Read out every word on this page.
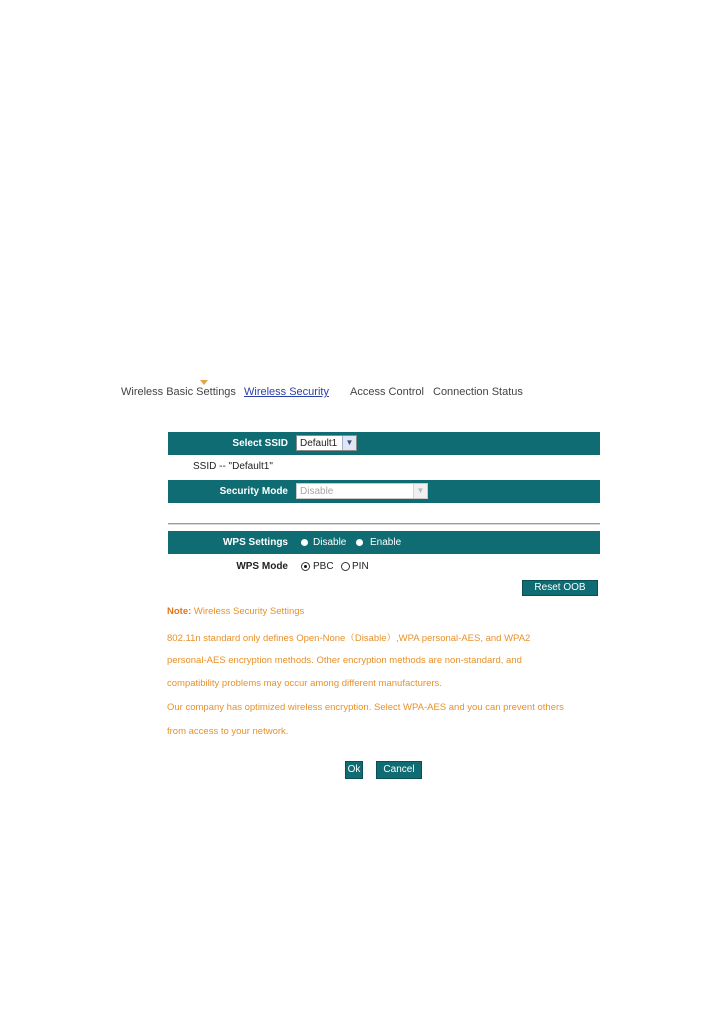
Wireless Basic Settings Wireless Security Access Control Connection Status
Select SSID Default1	▼
SSID -- "Default1"
Security Mode Disable	▼
WPS Settings	Disable Enable
WPS Mode	PBC PIN
Reset OOB
Note: Wireless Security Settings
802.11n standard only defines Open-None（Disable）,WPA personal-AES, and WPA2
personal-AES encryption methods. Other encryption methods are non-standard, and
compatibility problems may occur among different manufacturers.
Our company has optimized wireless encryption. Select WPA-AES and you can prevent others
from access to your network.
Ok	Cancel
